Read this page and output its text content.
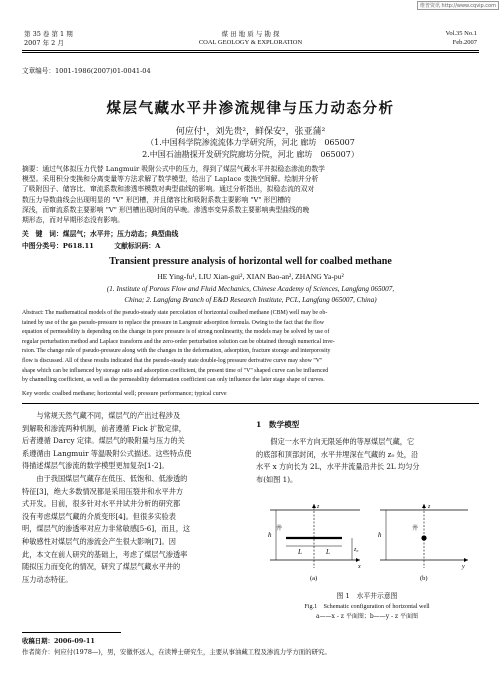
维普资讯 http://www.cqvip.com
第 35 卷 第 1 期
2007 年 2 月
煤 田 地 质 与 勘 探
COAL GEOLOGY & EXPLORATION
Vol.35 No.1
Feb.2007
文章编号：1001-1986(2007)01-0041-04
煤层气藏水平井渗流规律与压力动态分析
何应付¹，刘先贵²，鲜保安²，张亚蒲²
（1.中国科学院渗流流体力学研究所，河北 廊坊　065007
2.中国石油勘探开发研究院廊坊分院，河北 廊坊　065007）
摘要：通过气体拟压力代替 Langmuir 吸附公式中的压力，得到了煤层气藏水平井拟稳态渗流的数学
模型。采用积分变换和分离变量等方法求解了数学模型，给出了 Laplace 变换空间解。绘制并分析
了吸附因子、储容比、窜流系数和渗透率模数对典型曲线的影响。通过分析指出，拟稳态流的双对
数压力导数曲线会出现明显的 "V" 形凹槽，并且储容比和吸附系数主要影响 "V" 形凹槽的
深浅，而窜流系数主要影响 "V" 形凹槽出现时间的早晚。渗透率变异系数主要影响典型曲线的晚
期形态，而对早期形态没有影响。
关　键　词：煤层气；水平井；压力动态；典型曲线
中图分类号：P618.11　　　文献标识码：A
Transient pressure analysis of horizontal well for coalbed methane
HE Ying-fu¹, LIU Xian-gui², XIAN Bao-an², ZHANG Ya-pu²
(1. Institute of Porous Flow and Fluid Mechanics, Chinese Academy of Sciences, Langfang 065007,
China; 2. Langfang Branch of E&D Research Institute, PCL, Langfang 065007, China)
Abstract: The mathematical models of the pseudo-steady state percolation of horizontal coalbed methane (CBM) well may be ob-
tained by use of the gas pseudo-pressure to replace the pressure in Langmuir adsorption formula. Owing to the fact that the flow
equation of permeability is depending on the change in pore pressure is of strong nonlinearity, the models may be solved by use of
regular perturbation method and Laplace transform and the zero-order perturbation solution can be obtained through numerical inve-
rsion. The change rule of pseudo-pressure along with the changes in the deformation, adsorption, fracture storage and interporosity
flow is discussed. All of these results indicated that the pseudo-steady state double-log pressure derivative curve may show "V"
shape which can be influenced by storage ratio and adsorption coefficient, the present time of "V" shaped curve can be influenced
by channelling coefficient, as well as the permeability deformation coefficient can only influence the later stage shape of curves.
Key words: coalbed methane; horizontal well; pressure performance; typical curve
　　与常规天然气藏不同，煤层气的产出过程涉及
到解吸和渗流两种机制，前者遵循 Fick 扩散定律，
后者遵循 Darcy 定律。煤层气的吸附量与压力的关
系遵循由 Langmuir 等温吸附公式描述。这些特点使
得描述煤层气渗流的数学模型更加复杂[1-2]。
　　由于我国煤层气藏存在低压、低饱和、低渗透的
特征[3]，绝大多数情况都是采用压裂井和水平井方
式开发。目前，很多针对水平井试井分析的研究都
没有考虑煤层气藏的介质变形[4]。但很多实验表
明，煤层气的渗透率对应力非常敏感[5-6]，而且，这
种敏感性对煤层气的渗流会产生很大影响[7]。因
此，本文在前人研究的基础上，考虑了煤层气渗透率
随拟压力而变化的情况，研究了煤层气藏水平井的
压力动态特征。
1　数学模型
　　假定一水平方向无限延伸的等厚煤层气藏，它
的底部和顶部封闭，水平井埋深在气藏的 z₀ 处，沿
水平 x 方向长为 2L，水平井流量沿井长 2L 均匀分
布(如图 1)。
h
z₀
L	L
z
x
井
z
y
井
h
(a)	(b)
图 1　水平井示意图
Fig.1　Schematic configuration of horizontal well
a——x - z 平面图；b——y - z 平面图
收稿日期：2006-09-11
作者简介：何应付(1978—)，男，安徽怀远人，在读博士研究生，主要从事油藏工程及渗流力学方面的研究。
